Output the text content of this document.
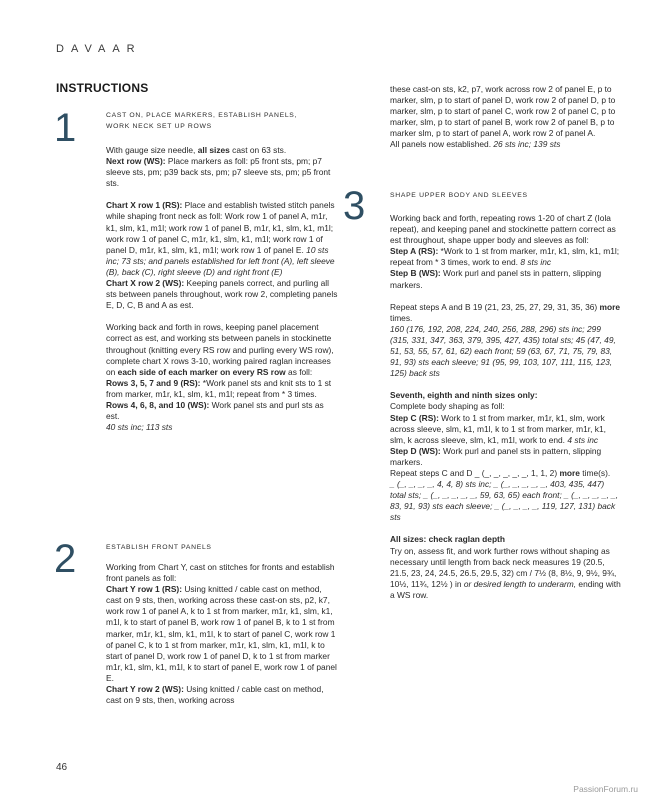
DAVAAR
INSTRUCTIONS
1	CAST ON, PLACE MARKERS, ESTABLISH PANELS, WORK NECK SET UP ROWS

With gauge size needle, all sizes cast on 63 sts.
Next row (WS): Place markers as foll: p5 front sts, pm; p7 sleeve sts, pm; p39 back sts, pm; p7 sleeve sts, pm; p5 front sts.

Chart X row 1 (RS): Place and establish twisted stitch panels while shaping front neck as foll: Work row 1 of panel A, m1r, k1, slm, k1, m1l; work row 1 of panel B, m1r, k1, slm, k1, m1l; work row 1 of panel C, m1r, k1, slm, k1, m1l; work row 1 of panel D, m1r, k1, slm, k1, m1l; work row 1 of panel E. 10 sts inc; 73 sts; and panels established for left front (A), left sleeve (B), back (C), right sleeve (D) and right front (E)
Chart X row 2 (WS): Keeping panels correct, and purling all sts between panels throughout, work row 2, completing panels E, D, C, B and A as est.

Working back and forth in rows, keeping panel placement correct as est, and working sts between panels in stockinette throughout (knitting every RS row and purling every WS row), complete chart X rows 3-10, working paired raglan increases on each side of each marker on every RS row as foll:
Rows 3, 5, 7 and 9 (RS): *Work panel sts and knit sts to 1 st from marker, m1r, k1, slm, k1, m1l; repeat from * 3 times.
Rows 4, 6, 8, and 10 (WS): Work panel sts and purl sts as est.
40 sts inc; 113 sts

2	ESTABLISH FRONT PANELS

Working from Chart Y, cast on stitches for fronts and establish front panels as foll:
Chart Y row 1 (RS): Using knitted / cable cast on method, cast on 9 sts, then, working across these cast-on sts, p2, k7, work row 1 of panel A, k to 1 st from marker, m1r, k1, slm, k1, m1l, k to start of panel B, work row 1 of panel B, k to 1 st from marker, m1r, k1, slm, k1, m1l, k to start of panel C, work row 1 of panel C, k to 1 st from marker, m1r, k1, slm, k1, m1l, k to start of panel D, work row 1 of panel D, k to 1 st from marker m1r, k1, slm, k1, m1l, k to start of panel E, work row 1 of panel E.
Chart Y row 2 (WS): Using knitted / cable cast on method, cast on 9 sts, then, working across

these cast-on sts, k2, p7, work across row 2 of panel E, p to marker, slm, p to start of panel D, work row 2 of panel D, p to marker, slm, p to start of panel C, work row 2 of panel C, p to marker, slm, p to start of panel B, work row 2 of panel B, p to marker slm, p to start of panel A, work row 2 of panel A.
All panels now established. 26 sts inc; 139 sts

3	SHAPE UPPER BODY AND SLEEVES

Working back and forth, repeating rows 1-20 of chart Z (Iola repeat), and keeping panel and stockinette pattern correct as est throughout, shape upper body and sleeves as foll:
Step A (RS): *Work to 1 st from marker, m1r, k1, slm, k1, m1l; repeat from * 3 times, work to end. 8 sts inc
Step B (WS): Work purl and panel sts in pattern, slipping markers.

Repeat steps A and B 19 (21, 23, 25, 27, 29, 31, 35, 36) more times.
160 (176, 192, 208, 224, 240, 256, 288, 296) sts inc; 299 (315, 331, 347, 363, 379, 395, 427, 435) total sts; 45 (47, 49, 51, 53, 55, 57, 61, 62) each front; 59 (63, 67, 71, 75, 79, 83, 91, 93) sts each sleeve; 91 (95, 99, 103, 107, 111, 115, 123, 125) back sts

Seventh, eighth and ninth sizes only:
Complete body shaping as foll:
Step C (RS): Work to 1 st from marker, m1r, k1, slm, work across sleeve, slm, k1, m1l, k to 1 st from marker, m1r, k1, slm, k across sleeve, slm, k1, m1l, work to end. 4 sts inc
Step D (WS): Work purl and panel sts in pattern, slipping markers.
Repeat steps C and D _ (_, _, _, _, _, 1, 1, 2) more time(s).
_ (_, _, _, _, 4, 4, 8) sts inc; _ (_, _, _, _, _, 403, 435, 447) total sts; _ (_, _, _, _, _, 59, 63, 65) each front; _ (_, _, _, _, _, 83, 91, 93) sts each sleeve; _ (_, _, _, _, 119, 127, 131) back sts

All sizes: check raglan depth
Try on, assess fit, and work further rows without shaping as necessary until length from back neck measures 19 (20.5, 21.5, 23, 24, 24.5, 26.5, 29.5, 32) cm / 7½ (8, 8½, 9, 9½, 9¾, 10½, 11¾, 12½ ) in or desired length to underarm, ending with a WS row.

46
PassionForum.ru
